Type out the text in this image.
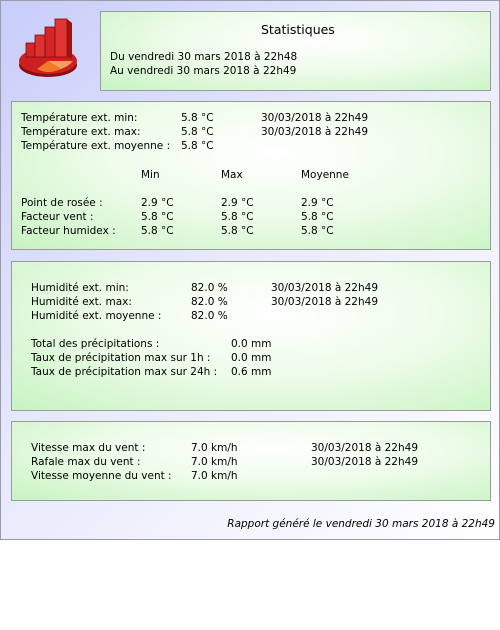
Statistiques
Du vendredi 30 mars 2018 à 22h48
Au vendredi 30 mars 2018 à 22h49
Température ext. min:	5.8 °C	30/03/2018 à 22h49
Température ext. max:	5.8 °C	30/03/2018 à 22h49
Température ext. moyenne : 5.8 °C
Min	Max	Moyenne
Point de rosée :	2.9 °C	2.9 °C	2.9 °C
Facteur vent :	5.8 °C	5.8 °C	5.8 °C
Facteur humidex : 5.8 °C	5.8 °C	5.8 °C
Humidité ext. min:	82.0 %	30/03/2018 à 22h49
Humidité ext. max:	82.0 %	30/03/2018 à 22h49
Humidité ext. moyenne :	82.0 %
Total des précipitations :	0.0 mm
Taux de précipitation max sur 1h : 0.0 mm
Taux de précipitation max sur 24h : 0.6 mm
Vitesse max du vent :	7.0 km/h	30/03/2018 à 22h49
Rafale max du vent :	7.0 km/h	30/03/2018 à 22h49
Vitesse moyenne du vent : 7.0 km/h
Rapport généré le vendredi 30 mars 2018 à 22h49
